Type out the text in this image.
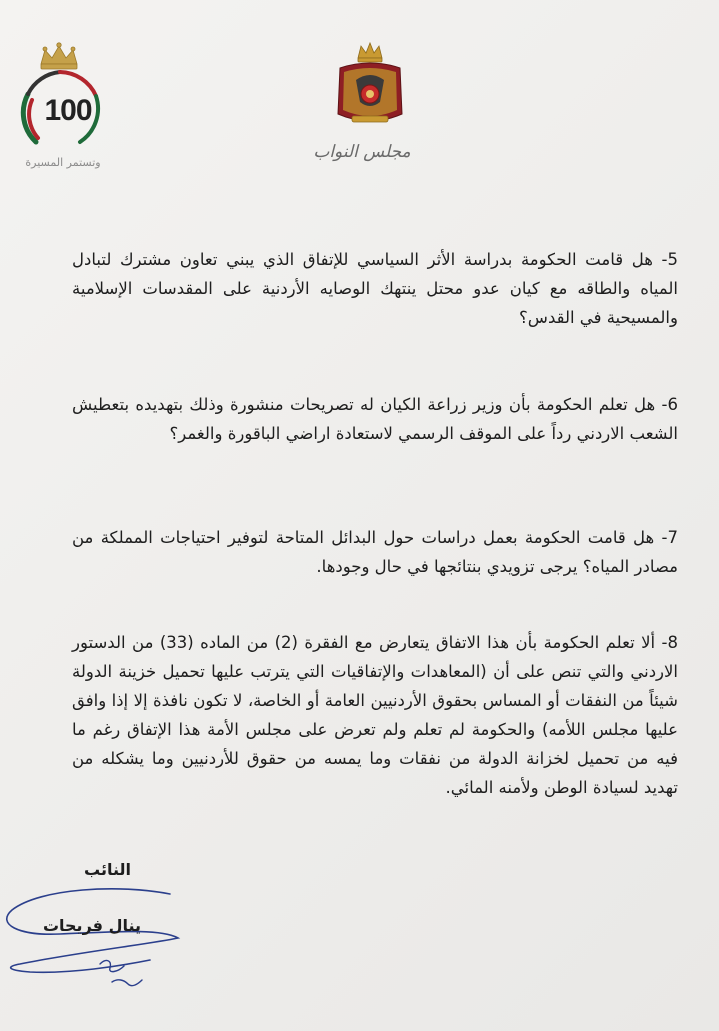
100
وتستمر المسيرة
مجلس النواب

5- هل قامت الحكومة بدراسة الأثر السياسي للإتفاق الذي يبني تعاون مشترك لتبادل المياه والطاقه مع كيان عدو محتل ينتهك الوصايه الأردنية على المقدسات الإسلامية والمسيحية في القدس؟

6- هل تعلم الحكومة بأن وزير زراعة الكيان له تصريحات منشورة وذلك بتهديده بتعطيش الشعب الاردني رداً على الموقف الرسمي لاستعادة اراضي الباقورة والغمر؟

7- هل قامت الحكومة بعمل دراسات حول البدائل المتاحة لتوفير احتياجات المملكة من مصادر المياه؟ يرجى تزويدي بنتائجها في حال وجودها.

8- ألا تعلم الحكومة بأن هذا الاتفاق يتعارض مع الفقرة (2) من الماده (33) من الدستور الاردني والتي تنص على أن (المعاهدات والإتفاقيات التي يترتب عليها تحميل خزينة الدولة شيئاً من النفقات أو المساس بحقوق الأردنيين العامة أو الخاصة، لا تكون نافذة إلا إذا وافق عليها مجلس اللأمه) والحكومة لم تعلم ولم تعرض على مجلس الأمة هذا الإتفاق رغم ما فيه من تحميل لخزانة الدولة من نفقات وما يمسه من حقوق للأردنيين وما يشكله من تهديد لسيادة الوطن ولأمنه المائي.

النائب
ينال فريحات
